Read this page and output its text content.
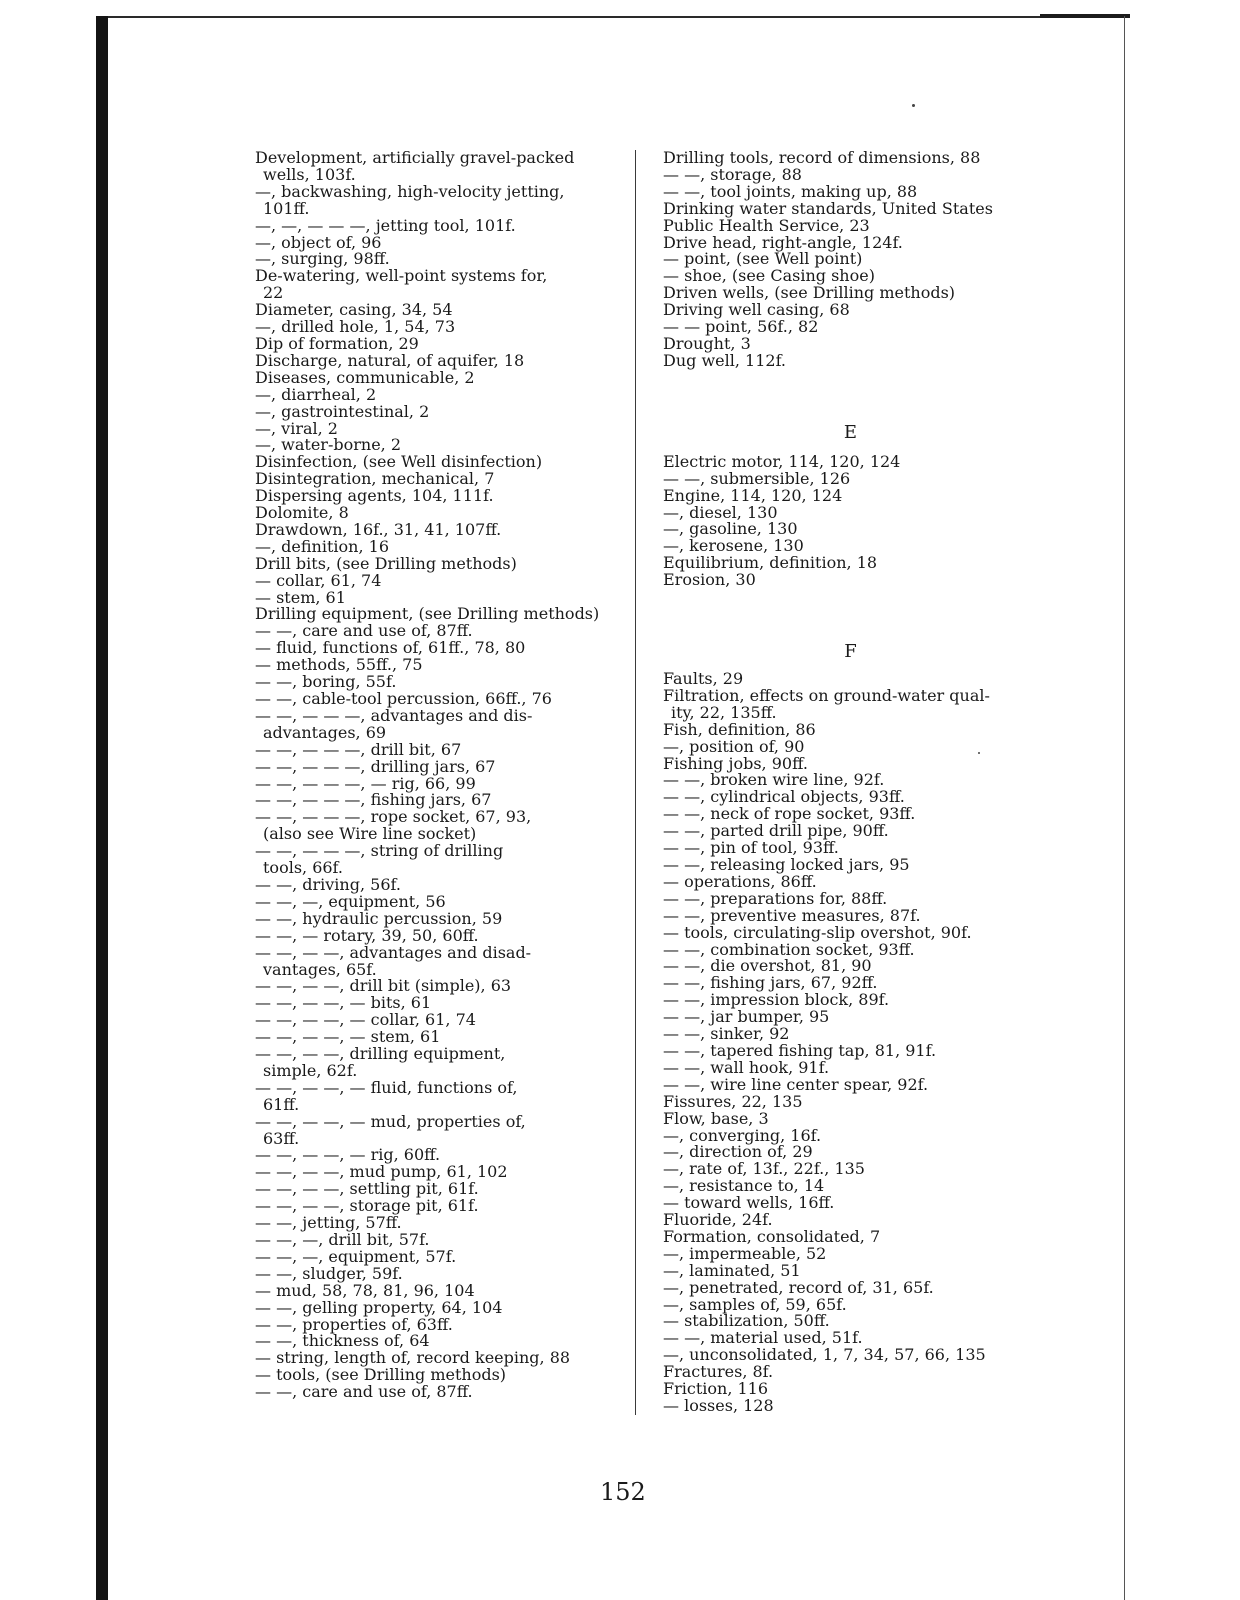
Development, artificially gravel-packed
wells, 103f.
—, backwashing, high-velocity jetting,
101ff.
—, —, — — —, jetting tool, 101f.
—, object of, 96
—, surging, 98ff.
De-watering, well-point systems for,
22
Diameter, casing, 34, 54
—, drilled hole, 1, 54, 73
Dip of formation, 29
Discharge, natural, of aquifer, 18
Diseases, communicable, 2
—, diarrheal, 2
—, gastrointestinal, 2
—, viral, 2
—, water-borne, 2
Disinfection, (see Well disinfection)
Disintegration, mechanical, 7
Dispersing agents, 104, 111f.
Dolomite, 8
Drawdown, 16f., 31, 41, 107ff.
—, definition, 16
Drill bits, (see Drilling methods)
— collar, 61, 74
— stem, 61
Drilling equipment, (see Drilling methods)
— —, care and use of, 87ff.
— fluid, functions of, 61ff., 78, 80
— methods, 55ff., 75
— —, boring, 55f.
— —, cable-tool percussion, 66ff., 76
— —, — — —, advantages and dis-
advantages, 69
— —, — — —, drill bit, 67
— —, — — —, drilling jars, 67
— —, — — —, — rig, 66, 99
— —, — — —, fishing jars, 67
— —, — — —, rope socket, 67, 93,
(also see Wire line socket)
— —, — — —, string of drilling
tools, 66f.
— —, driving, 56f.
— —, —, equipment, 56
— —, hydraulic percussion, 59
— —, — rotary, 39, 50, 60ff.
— —, — —, advantages and disad-
vantages, 65f.
— —, — —, drill bit (simple), 63
— —, — —, — bits, 61
— —, — —, — collar, 61, 74
— —, — —, — stem, 61
— —, — —, drilling equipment,
simple, 62f.
— —, — —, — fluid, functions of,
61ff.
— —, — —, — mud, properties of,
63ff.
— —, — —, — rig, 60ff.
— —, — —, mud pump, 61, 102
— —, — —, settling pit, 61f.
— —, — —, storage pit, 61f.
— —, jetting, 57ff.
— —, —, drill bit, 57f.
— —, —, equipment, 57f.
— —, sludger, 59f.
— mud, 58, 78, 81, 96, 104
— —, gelling property, 64, 104
— —, properties of, 63ff.
— —, thickness of, 64
— string, length of, record keeping, 88
— tools, (see Drilling methods)
— —, care and use of, 87ff.
Drilling tools, record of dimensions, 88
— —, storage, 88
— —, tool joints, making up, 88
Drinking water standards, United States
Public Health Service, 23
Drive head, right-angle, 124f.
— point, (see Well point)
— shoe, (see Casing shoe)
Driven wells, (see Drilling methods)
Driving well casing, 68
— — point, 56f., 82
Drought, 3
Dug well, 112f.
E
Electric motor, 114, 120, 124
— —, submersible, 126
Engine, 114, 120, 124
—, diesel, 130
—, gasoline, 130
—, kerosene, 130
Equilibrium, definition, 18
Erosion, 30
F
Faults, 29
Filtration, effects on ground-water qual-
ity, 22, 135ff.
Fish, definition, 86
—, position of, 90
Fishing jobs, 90ff.
— —, broken wire line, 92f.
— —, cylindrical objects, 93ff.
— —, neck of rope socket, 93ff.
— —, parted drill pipe, 90ff.
— —, pin of tool, 93ff.
— —, releasing locked jars, 95
— operations, 86ff.
— —, preparations for, 88ff.
— —, preventive measures, 87f.
— tools, circulating-slip overshot, 90f.
— —, combination socket, 93ff.
— —, die overshot, 81, 90
— —, fishing jars, 67, 92ff.
— —, impression block, 89f.
— —, jar bumper, 95
— —, sinker, 92
— —, tapered fishing tap, 81, 91f.
— —, wall hook, 91f.
— —, wire line center spear, 92f.
Fissures, 22, 135
Flow, base, 3
—, converging, 16f.
—, direction of, 29
—, rate of, 13f., 22f., 135
—, resistance to, 14
— toward wells, 16ff.
Fluoride, 24f.
Formation, consolidated, 7
—, impermeable, 52
—, laminated, 51
—, penetrated, record of, 31, 65f.
—, samples of, 59, 65f.
— stabilization, 50ff.
— —, material used, 51f.
—, unconsolidated, 1, 7, 34, 57, 66, 135
Fractures, 8f.
Friction, 116
— losses, 128
152
